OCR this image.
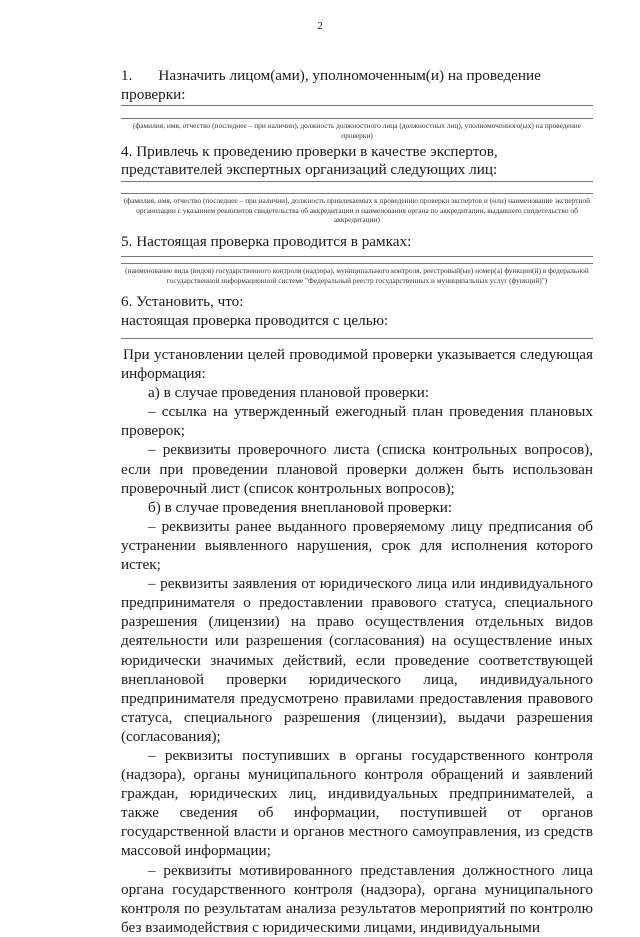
2
1. Назначить лицом(ами), уполномоченным(и) на проведение
проверки:
(фамилия, имя, отчество (последнее – при наличии), должность должностного лица (должностных лиц), уполномоченного(ых) на проведение проверки)
4. Привлечь к проведению проверки в качестве экспертов,
представителей экспертных организаций следующих лиц:
(фамилия, имя, отчество (последнее – при наличии), должность привлекаемых к проведению проверки экспертов и (или) наименование экспертной организации с указанием реквизитов свидетельства об аккредитации и наименования органа по аккредитации, выдавшего свидетельство об аккредитации)
5. Настоящая проверка проводится в рамках:
(наименование вида (видов) государственного контроля (надзора), муниципального контроля, реестровый(ые) номер(а) функции(й) в федеральной государственной информационной системе "Федеральный реестр государственных и муниципальных услуг (функций)")
6. Установить, что:
настоящая проверка проводится с целью:

При установлении целей проводимой проверки указывается следующая информация:

а) в случае проведения плановой проверки:

– ссылка на утвержденный ежегодный план проведения плановых проверок;

– реквизиты проверочного листа (списка контрольных вопросов), если при проведении плановой проверки должен быть использован проверочный лист (список контрольных вопросов);

б) в случае проведения внеплановой проверки:

– реквизиты ранее выданного проверяемому лицу предписания об устранении выявленного нарушения, срок для исполнения которого истек;

– реквизиты заявления от юридического лица или индивидуального предпринимателя о предоставлении правового статуса, специального разрешения (лицензии) на право осуществления отдельных видов деятельности или разрешения (согласования) на осуществление иных юридически значимых действий, если проведение соответствующей внеплановой проверки юридического лица, индивидуального предпринимателя предусмотрено правилами предоставления правового статуса, специального разрешения (лицензии), выдачи разрешения (согласования);

– реквизиты поступивших в органы государственного контроля (надзора), органы муниципального контроля обращений и заявлений граждан, юридических лиц, индивидуальных предпринимателей, а также сведения об информации, поступившей от органов государственной власти и органов местного самоуправления, из средств массовой информации;

– реквизиты мотивированного представления должностного лица органа государственного контроля (надзора), органа муниципального контроля по результатам анализа результатов мероприятий по контролю без взаимодействия с юридическими лицами, индивидуальными
